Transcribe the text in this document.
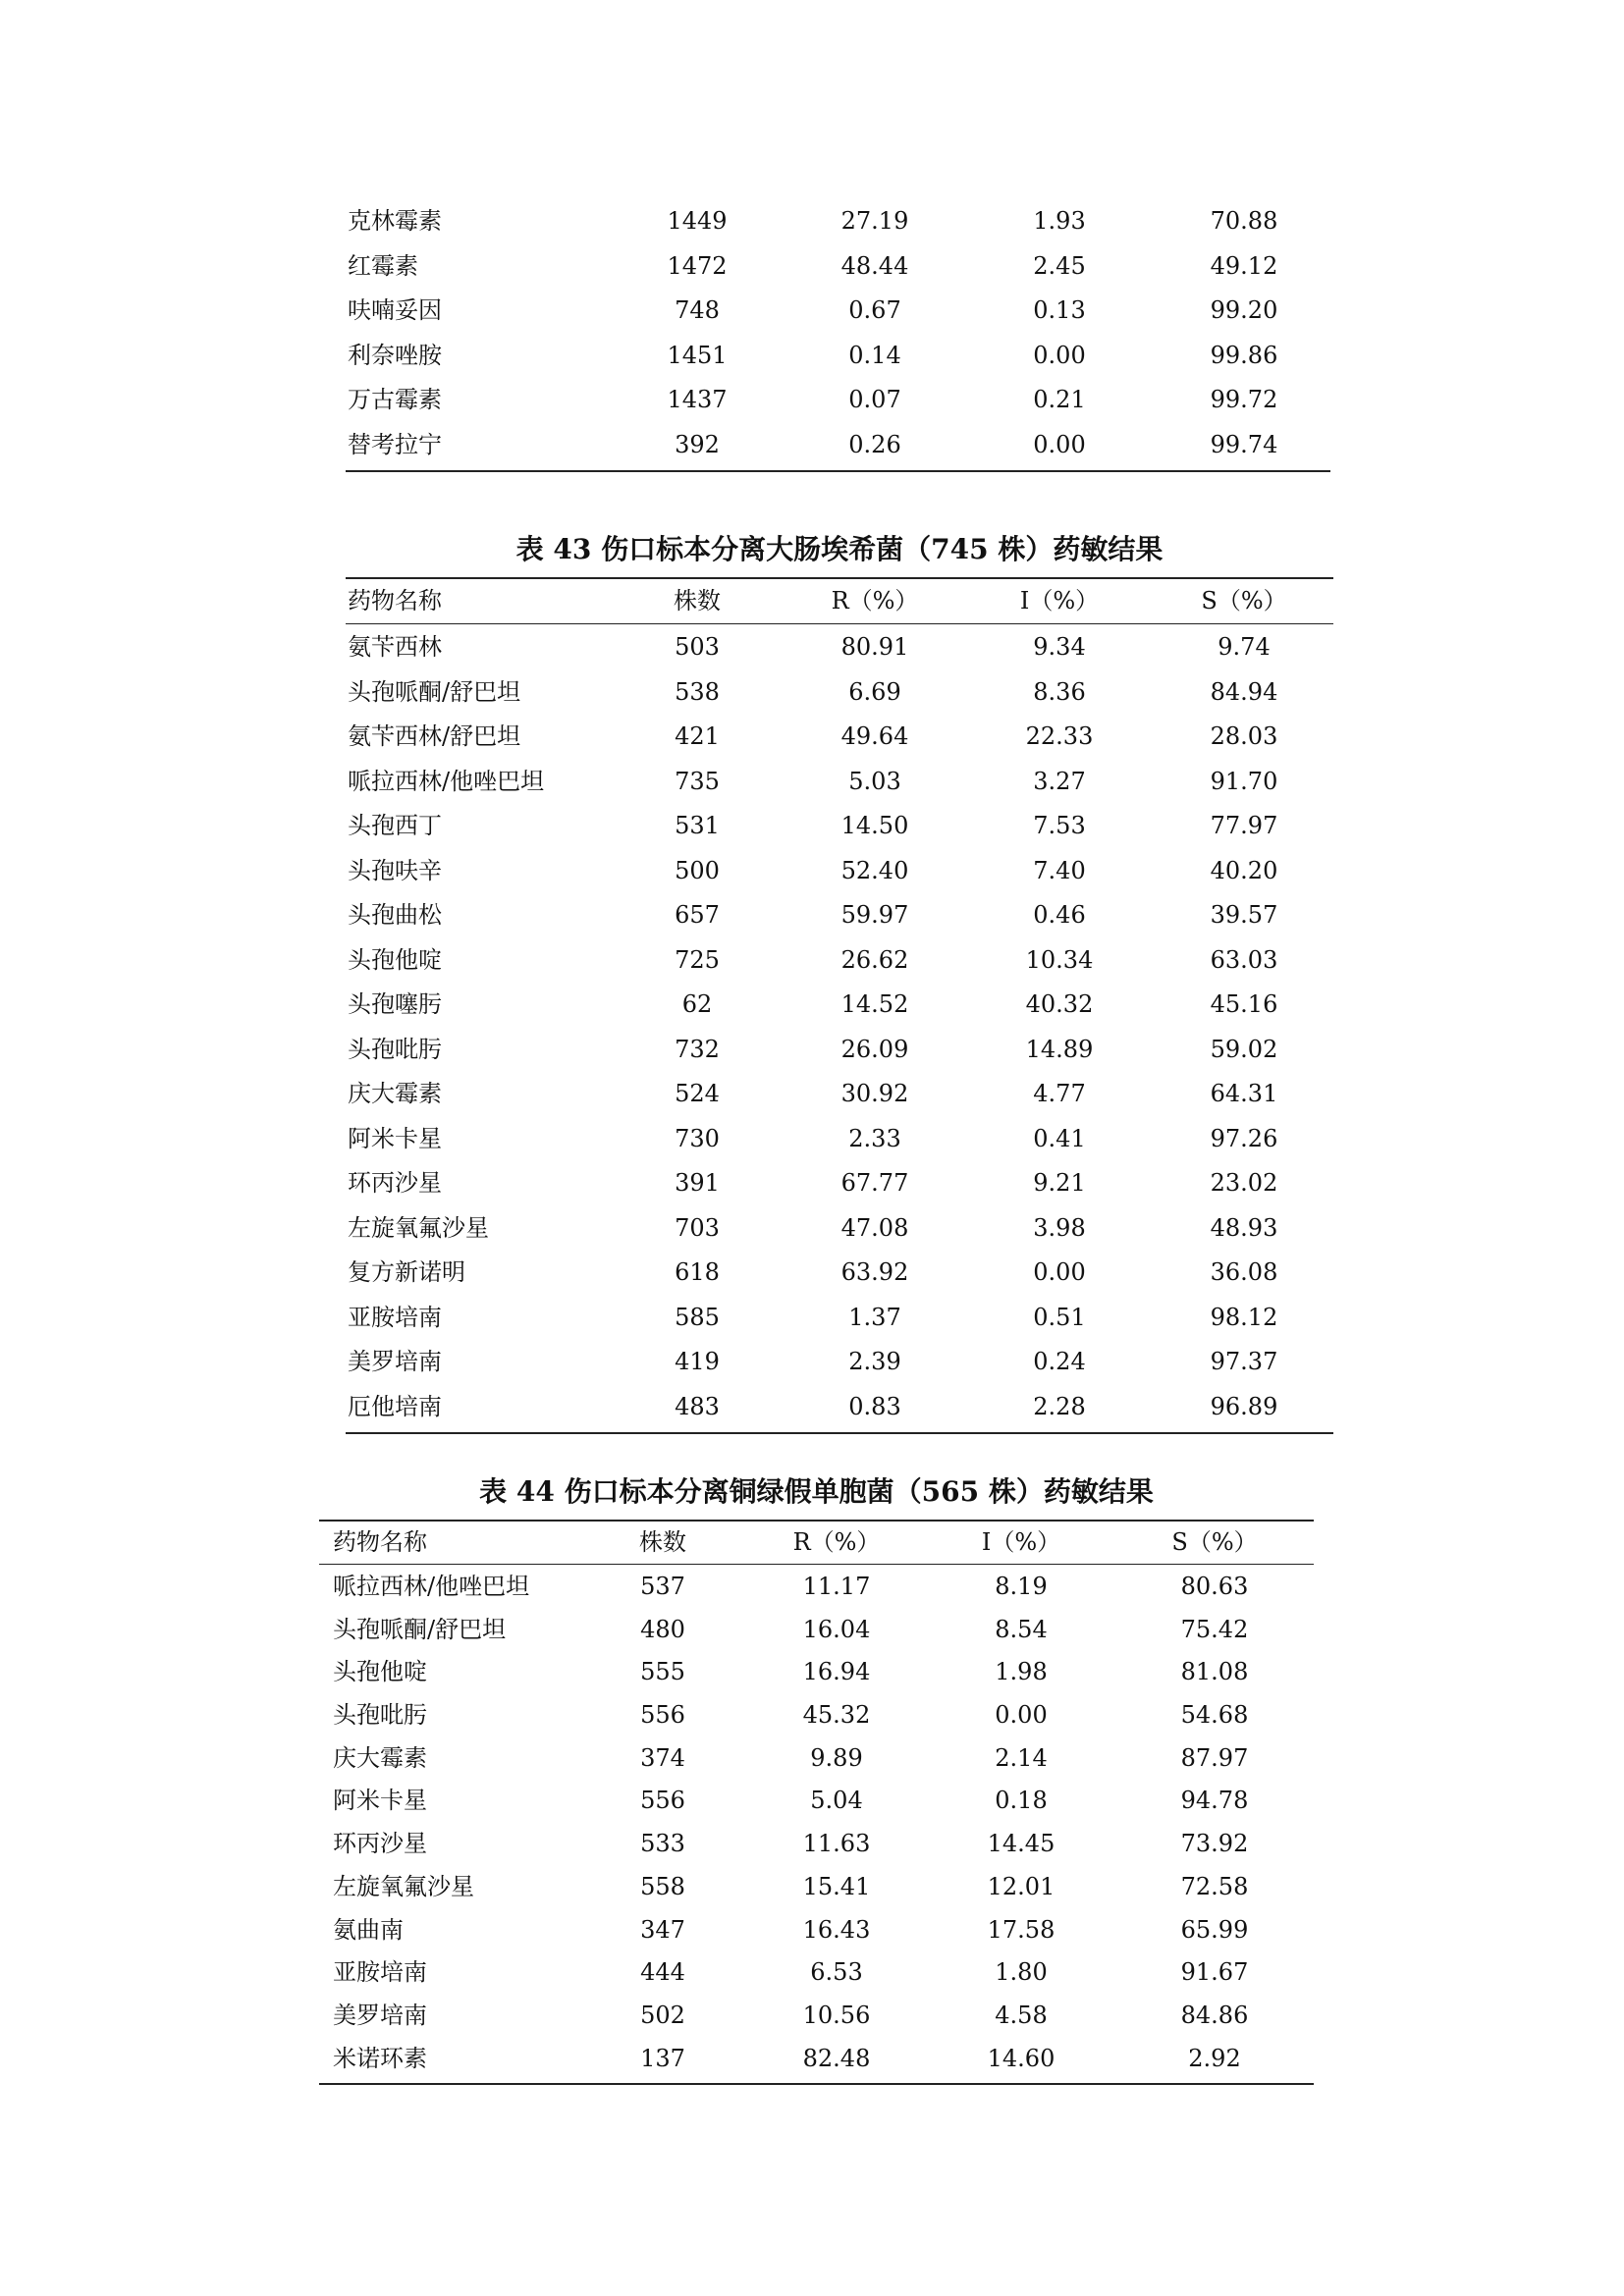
克林霉素	1449	27.19	1.93	70.88
红霉素	1472	48.44	2.45	49.12
呋喃妥因	748	0.67	0.13	99.20
利奈唑胺	1451	0.14	0.00	99.86
万古霉素	1437	0.07	0.21	99.72
替考拉宁	392	0.26	0.00	99.74
表 43 伤口标本分离大肠埃希菌（745 株）药敏结果
药物名称	株数	R（%）	I（%）	S（%）
氨苄西林	503	80.91	9.34	9.74
头孢哌酮/舒巴坦	538	6.69	8.36	84.94
氨苄西林/舒巴坦	421	49.64	22.33	28.03
哌拉西林/他唑巴坦	735	5.03	3.27	91.70
头孢西丁	531	14.50	7.53	77.97
头孢呋辛	500	52.40	7.40	40.20
头孢曲松	657	59.97	0.46	39.57
头孢他啶	725	26.62	10.34	63.03
头孢噻肟	62	14.52	40.32	45.16
头孢吡肟	732	26.09	14.89	59.02
庆大霉素	524	30.92	4.77	64.31
阿米卡星	730	2.33	0.41	97.26
环丙沙星	391	67.77	9.21	23.02
左旋氧氟沙星	703	47.08	3.98	48.93
复方新诺明	618	63.92	0.00	36.08
亚胺培南	585	1.37	0.51	98.12
美罗培南	419	2.39	0.24	97.37
厄他培南	483	0.83	2.28	96.89
表 44 伤口标本分离铜绿假单胞菌（565 株）药敏结果
药物名称	株数	R（%）	I（%）	S（%）
哌拉西林/他唑巴坦	537	11.17	8.19	80.63
头孢哌酮/舒巴坦	480	16.04	8.54	75.42
头孢他啶	555	16.94	1.98	81.08
头孢吡肟	556	45.32	0.00	54.68
庆大霉素	374	9.89	2.14	87.97
阿米卡星	556	5.04	0.18	94.78
环丙沙星	533	11.63	14.45	73.92
左旋氧氟沙星	558	15.41	12.01	72.58
氨曲南	347	16.43	17.58	65.99
亚胺培南	444	6.53	1.80	91.67
美罗培南	502	10.56	4.58	84.86
米诺环素	137	82.48	14.60	2.92
